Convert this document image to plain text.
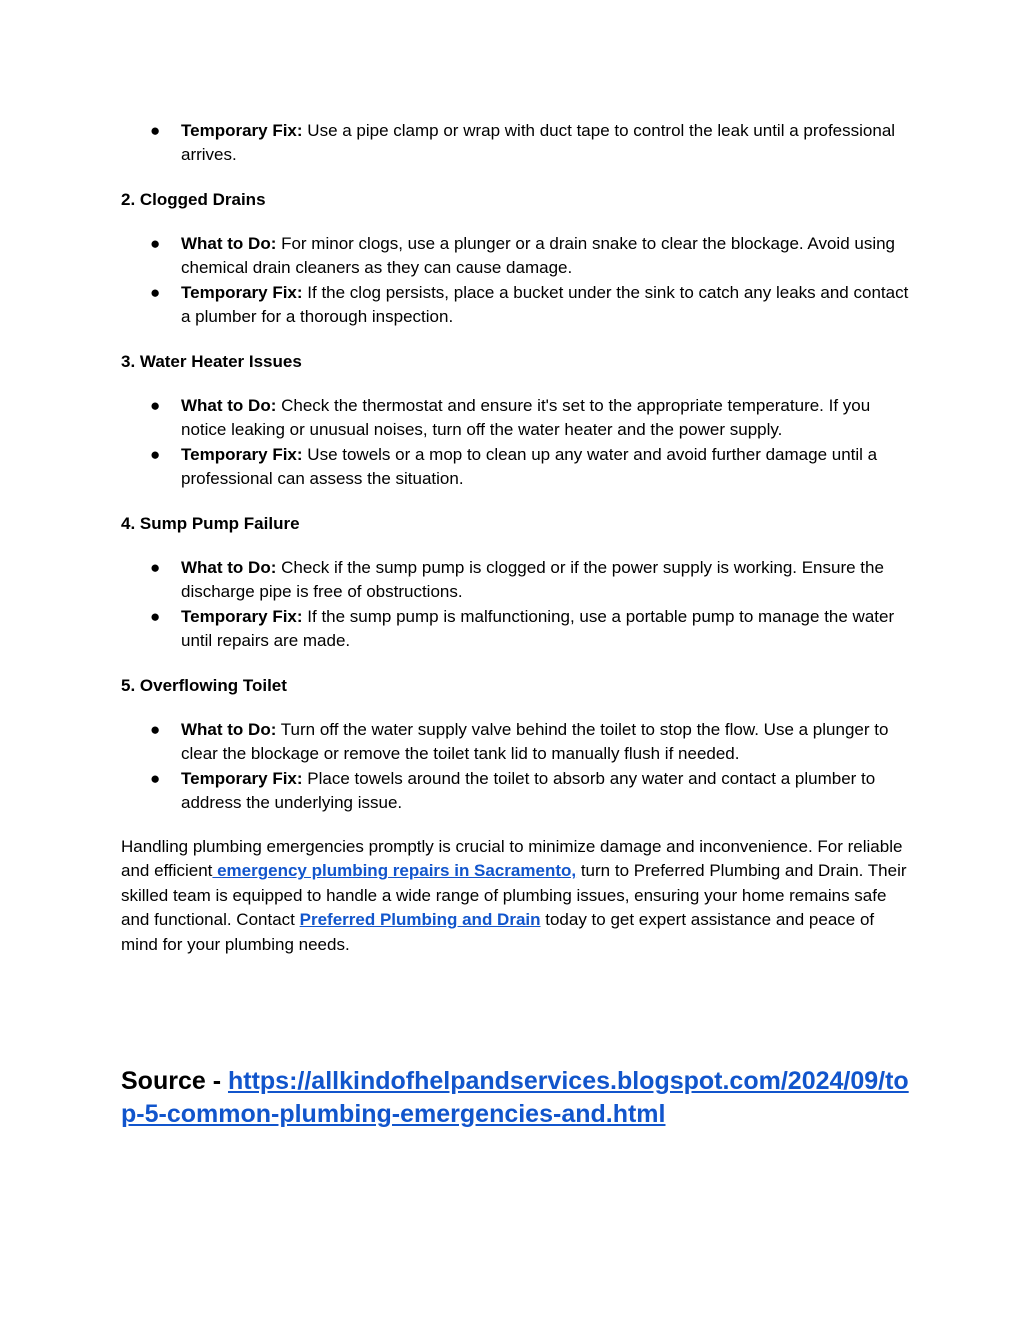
● Temporary Fix: Use a pipe clamp or wrap with duct tape to control the leak until a professional arrives.
2. Clogged Drains
● What to Do: For minor clogs, use a plunger or a drain snake to clear the blockage. Avoid using chemical drain cleaners as they can cause damage.
● Temporary Fix: If the clog persists, place a bucket under the sink to catch any leaks and contact a plumber for a thorough inspection.
3. Water Heater Issues
● What to Do: Check the thermostat and ensure it's set to the appropriate temperature. If you notice leaking or unusual noises, turn off the water heater and the power supply.
● Temporary Fix: Use towels or a mop to clean up any water and avoid further damage until a professional can assess the situation.
4. Sump Pump Failure
● What to Do: Check if the sump pump is clogged or if the power supply is working. Ensure the discharge pipe is free of obstructions.
● Temporary Fix: If the sump pump is malfunctioning, use a portable pump to manage the water until repairs are made.
5. Overflowing Toilet
● What to Do: Turn off the water supply valve behind the toilet to stop the flow. Use a plunger to clear the blockage or remove the toilet tank lid to manually flush if needed.
● Temporary Fix: Place towels around the toilet to absorb any water and contact a plumber to address the underlying issue.

Handling plumbing emergencies promptly is crucial to minimize damage and inconvenience. For reliable and efficient emergency plumbing repairs in Sacramento, turn to Preferred Plumbing and Drain. Their skilled team is equipped to handle a wide range of plumbing issues, ensuring your home remains safe and functional. Contact Preferred Plumbing and Drain today to get expert assistance and peace of mind for your plumbing needs.

Source - https://allkindofhelpandservices.blogspot.com/2024/09/top-5-common-plumbing-emergencies-and.html
